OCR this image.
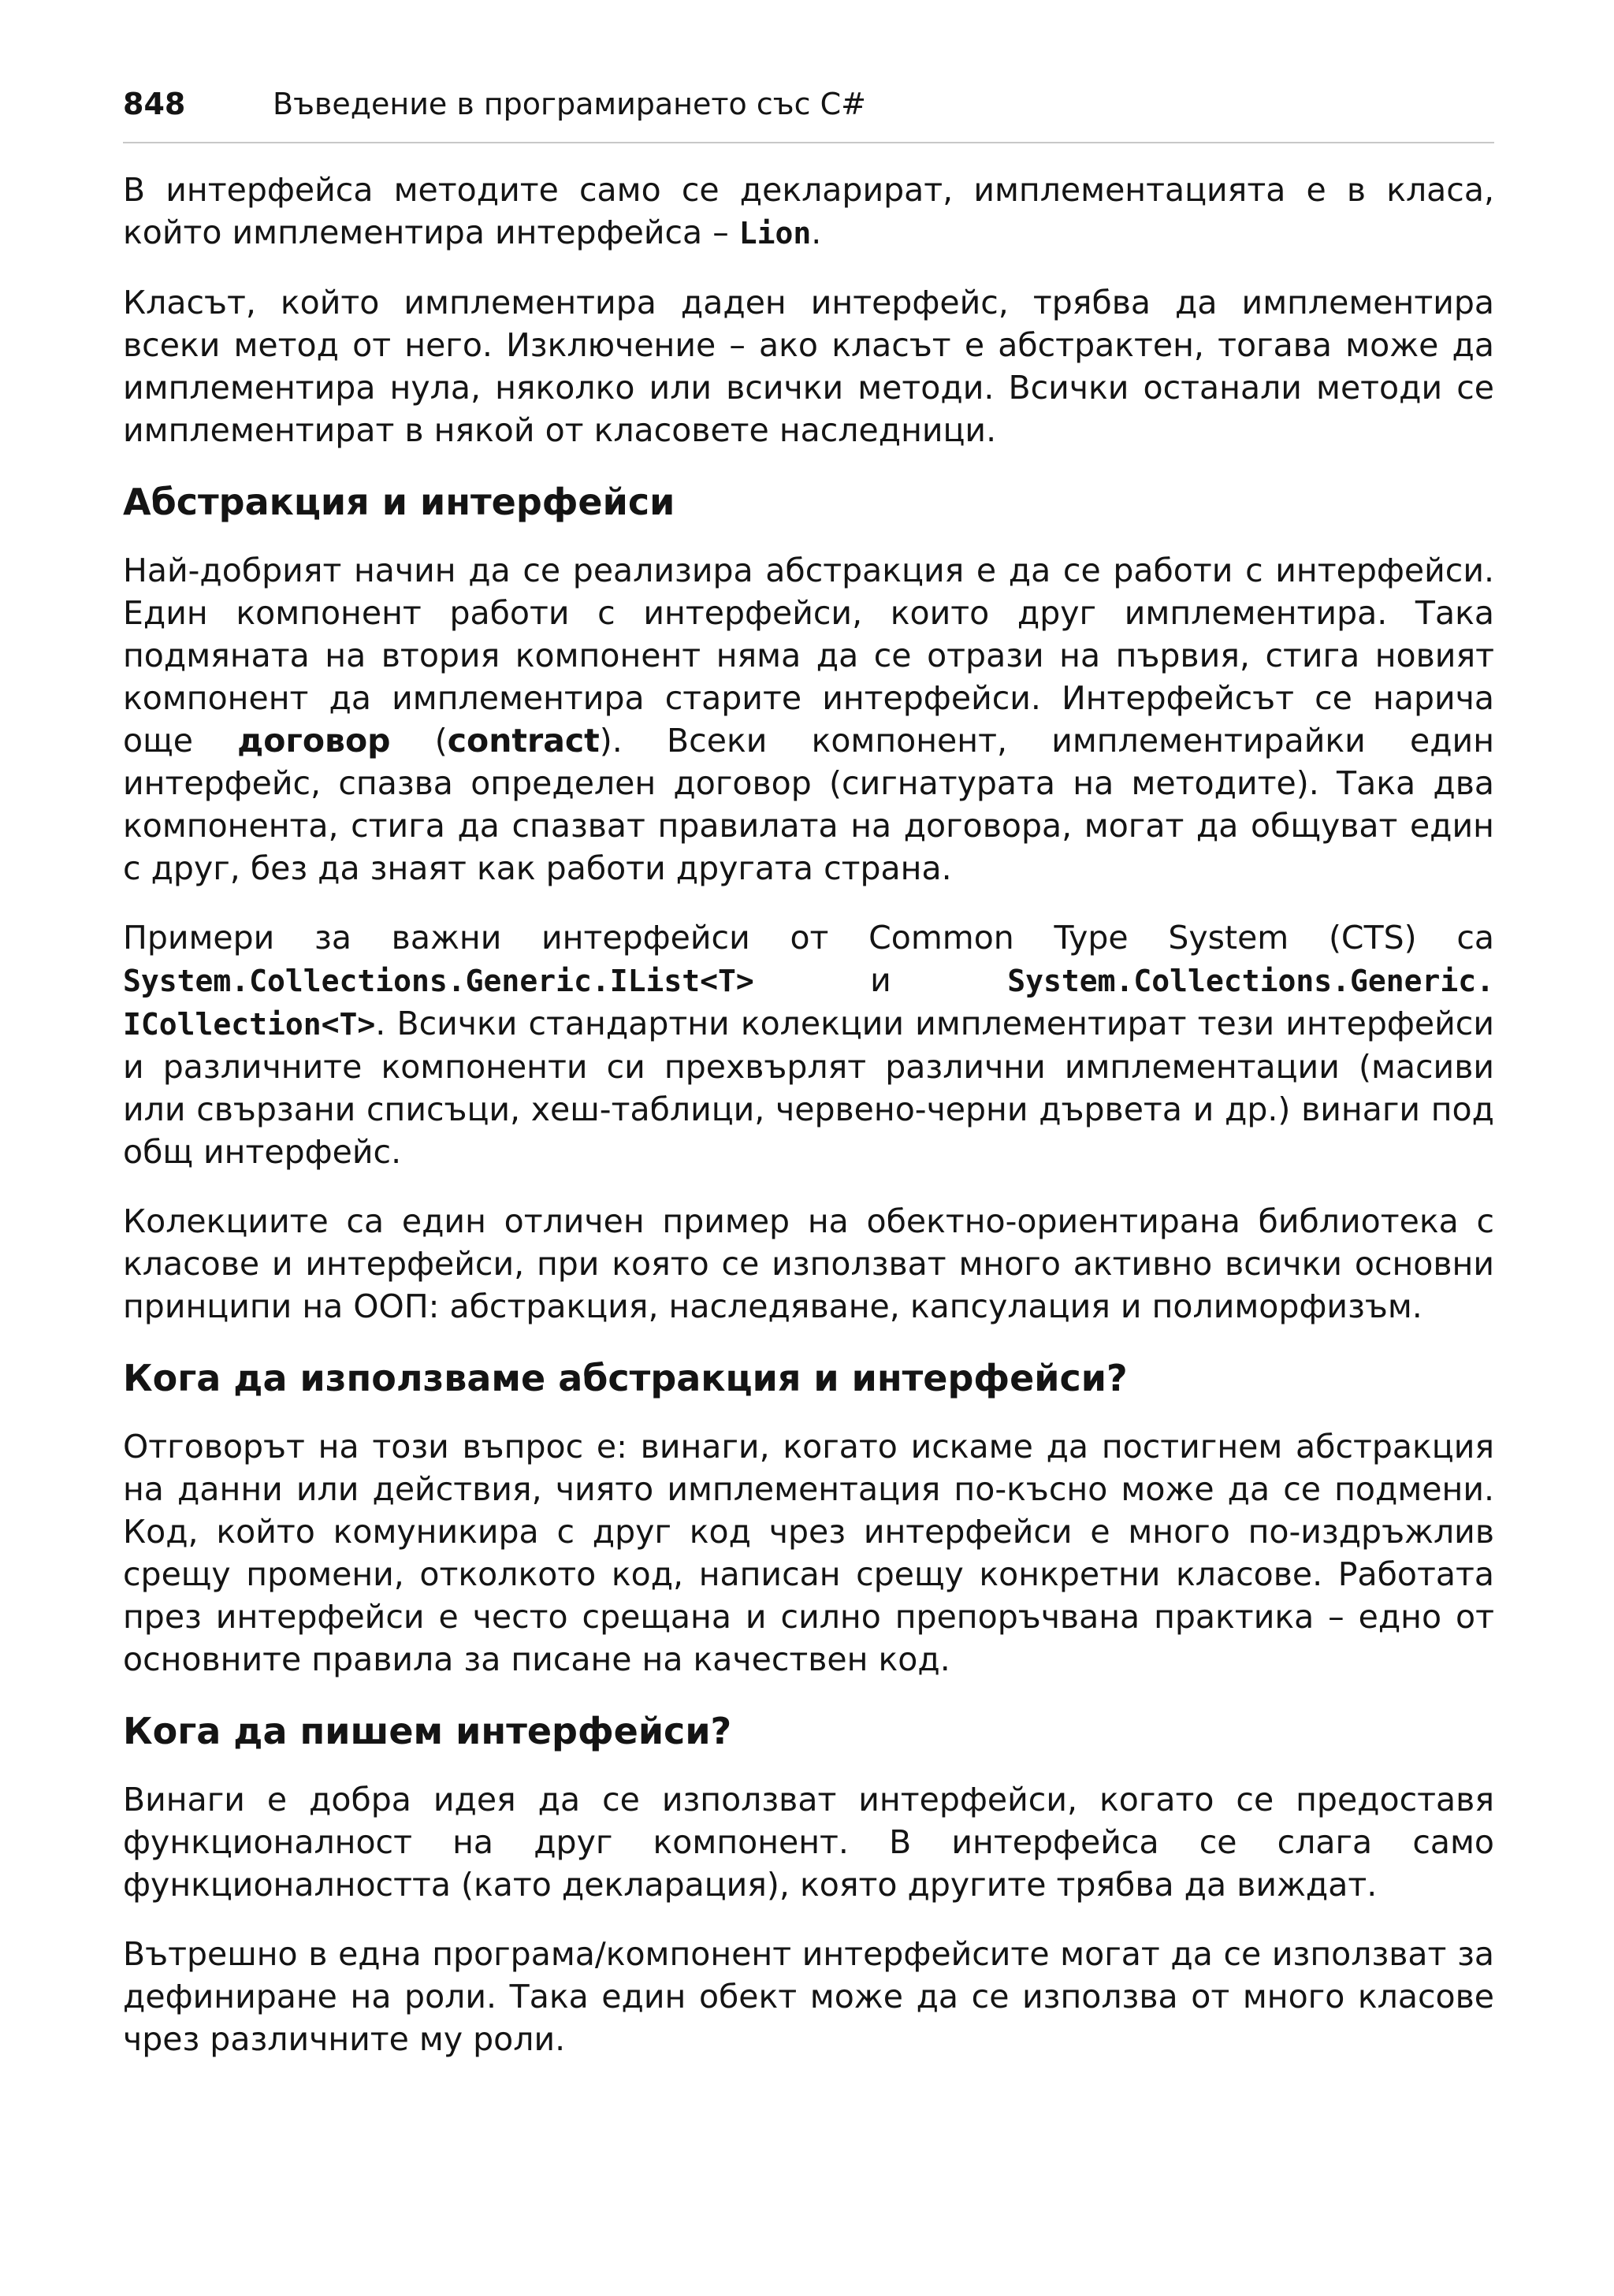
848	Въведение в програмирането със C#

В интерфейса методите само се декларират, имплементацията е в класа, който имплементира интерфейса – Lion.

Класът, който имплементира даден интерфейс, трябва да имплементира всеки метод от него. Изключение – ако класът е абстрактен, тогава може да имплементира нула, няколко или всички методи. Всички останали методи се имплементират в някой от класовете наследници.

Абстракция и интерфейси

Най-добрият начин да се реализира абстракция е да се работи с интерфейси. Един компонент работи с интерфейси, които друг имплементира. Така подмяната на втория компонент няма да се отрази на първия, стига новият компонент да имплементира старите интерфейси. Интерфейсът се нарича още договор (contract). Всеки компонент, имплементирайки един интерфейс, спазва определен договор (сигнатурата на методите). Така два компонента, стига да спазват правилата на договора, могат да общуват един с друг, без да знаят как работи другата страна.

Примери за важни интерфейси от Common Type System (CTS) са System.Collections.Generic.IList<T> и System.Collections.Generic. ICollection<T>. Всички стандартни колекции имплементират тези интерфейси и различните компоненти си прехвърлят различни имплементации (масиви или свързани списъци, хеш-таблици, червено-черни дървета и др.) винаги под общ интерфейс.

Колекциите са един отличен пример на обектно-ориентирана библиотека с класове и интерфейси, при която се използват много активно всички основни принципи на ООП: абстракция, наследяване, капсулация и полиморфизъм.

Кога да използваме абстракция и интерфейси?

Отговорът на този въпрос е: винаги, когато искаме да постигнем абстракция на данни или действия, чиято имплементация по-късно може да се подмени. Код, който комуникира с друг код чрез интерфейси е много по-издръжлив срещу промени, отколкото код, написан срещу конкретни класове. Работата през интерфейси е често срещана и силно препоръчвана практика – едно от основните правила за писане на качествен код.

Кога да пишем интерфейси?

Винаги е добра идея да се използват интерфейси, когато се предоставя функционалност на друг компонент. В интерфейса се слага само функционалността (като декларация), която другите трябва да виждат.

Вътрешно в една програма/компонент интерфейсите могат да се използват за дефиниране на роли. Така един обект може да се използва от много класове чрез различните му роли.
